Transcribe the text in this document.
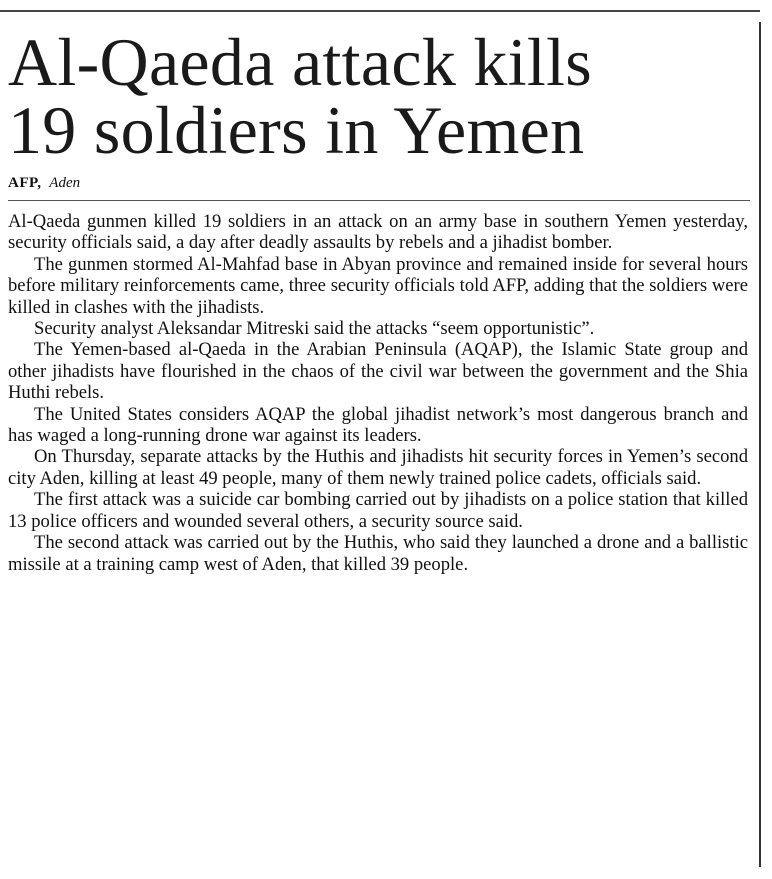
Al-Qaeda attack kills
19 soldiers in Yemen
AFP, Aden

Al-Qaeda gunmen killed 19 soldiers in an attack on an army base in southern Yemen yesterday, security officials said, a day after deadly assaults by rebels and a jihadist bomber.

The gunmen stormed Al-Mahfad base in Abyan province and remained inside for several hours before military reinforcements came, three security officials told AFP, adding that the soldiers were killed in clashes with the jihadists.

Security analyst Aleksandar Mitreski said the attacks “seem opportunistic”.

The Yemen-based al-Qaeda in the Arabian Peninsula (AQAP), the Islamic State group and other jihadists have flourished in the chaos of the civil war between the government and the Shia Huthi rebels.

The United States considers AQAP the global jihadist network’s most dangerous branch and has waged a long-running drone war against its leaders.

On Thursday, separate attacks by the Huthis and jihadists hit security forces in Yemen’s second city Aden, killing at least 49 people, many of them newly trained police cadets, officials said.

The first attack was a suicide car bombing carried out by jihadists on a police station that killed 13 police officers and wounded several others, a security source said.

The second attack was carried out by the Huthis, who said they launched a drone and a ballistic missile at a training camp west of Aden, that killed 39 people.
